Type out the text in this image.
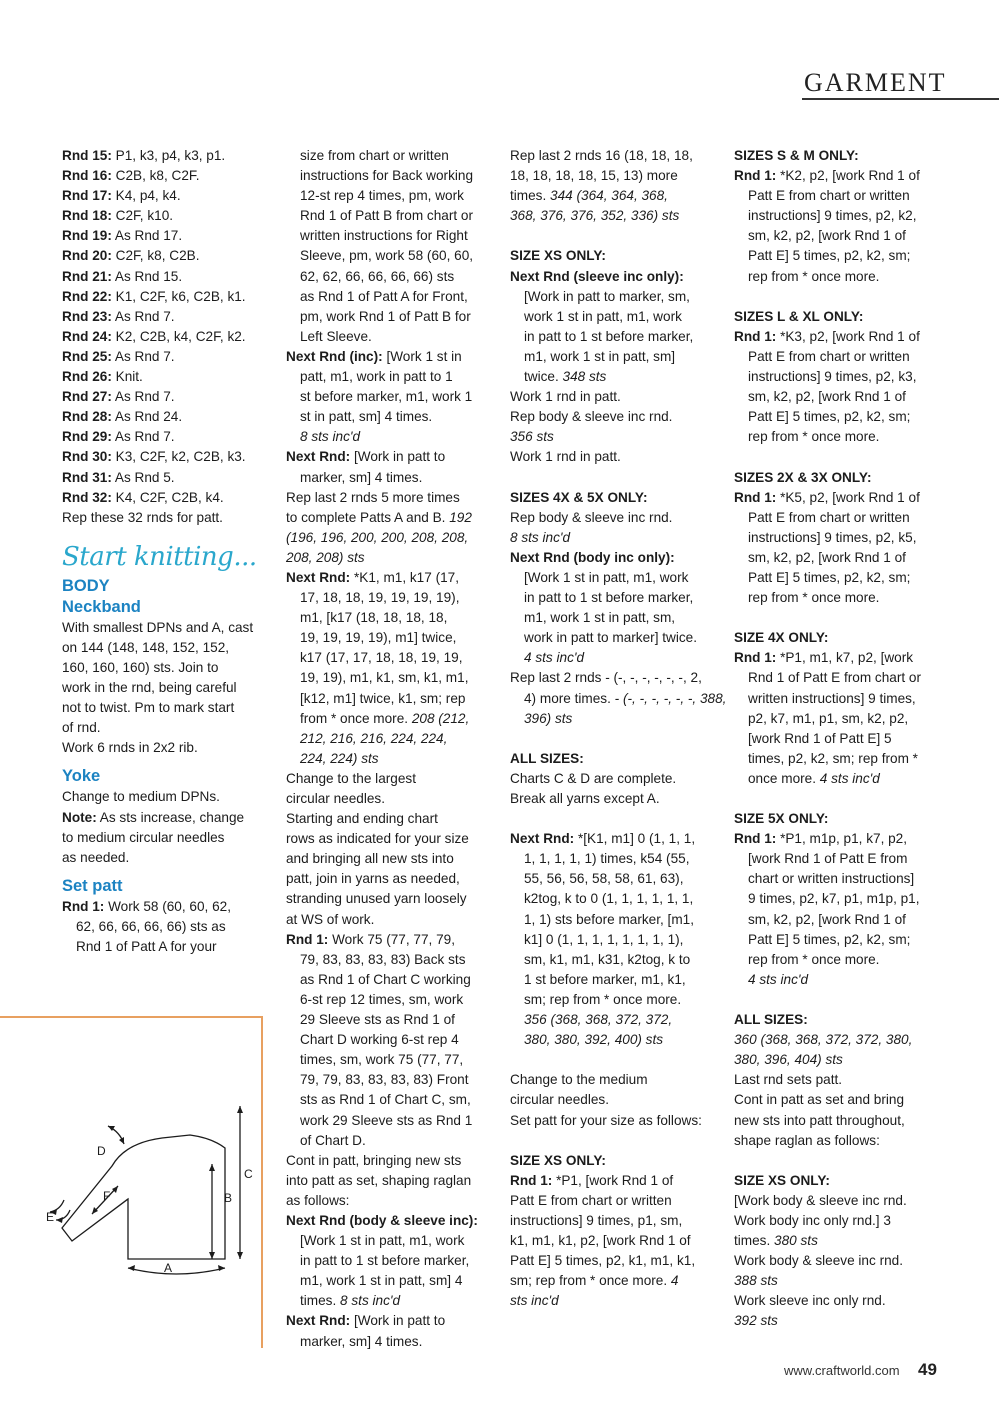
GARMENT
Rnd 15: P1, k3, p4, k3, p1.
Rnd 16: C2B, k8, C2F.
Rnd 17: K4, p4, k4.
Rnd 18: C2F, k10.
Rnd 19: As Rnd 17.
Rnd 20: C2F, k8, C2B.
Rnd 21: As Rnd 15.
Rnd 22: K1, C2F, k6, C2B, k1.
Rnd 23: As Rnd 7.
Rnd 24: K2, C2B, k4, C2F, k2.
Rnd 25: As Rnd 7.
Rnd 26: Knit.
Rnd 27: As Rnd 7.
Rnd 28: As Rnd 24.
Rnd 29: As Rnd 7.
Rnd 30: K3, C2F, k2, C2B, k3.
Rnd 31: As Rnd 5.
Rnd 32: K4, C2F, C2B, k4.
Rep these 32 rnds for patt.
Start knitting...
BODY
Neckband
With smallest DPNs and A, cast
on 144 (148, 148, 152, 152,
160, 160, 160) sts. Join to
work in the rnd, being careful
not to twist. Pm to mark start
of rnd.
Work 6 rnds in 2x2 rib.
Yoke
Change to medium DPNs.
Note: As sts increase, change
to medium circular needles
as needed.
Set patt
Rnd 1: Work 58 (60, 60, 62,
62, 66, 66, 66, 66) sts as
Rnd 1 of Patt A for your
size from chart or written
instructions for Back working
12-st rep 4 times, pm, work
Rnd 1 of Patt B from chart or
written instructions for Right
Sleeve, pm, work 58 (60, 60,
62, 62, 66, 66, 66, 66) sts
as Rnd 1 of Patt A for Front,
pm, work Rnd 1 of Patt B for
Left Sleeve.
Next Rnd (inc): [Work 1 st in
patt, m1, work in patt to 1
st before marker, m1, work 1
st in patt, sm] 4 times.
8 sts inc'd
Next Rnd: [Work in patt to
marker, sm] 4 times.
Rep last 2 rnds 5 more times
to complete Patts A and B. 192
(196, 196, 200, 200, 208, 208,
208, 208) sts
Next Rnd: *K1, m1, k17 (17,
17, 18, 18, 19, 19, 19, 19),
m1, [k17 (18, 18, 18, 18,
19, 19, 19, 19), m1] twice,
k17 (17, 17, 18, 18, 19, 19,
19, 19), m1, k1, sm, k1, m1,
[k12, m1] twice, k1, sm; rep
from * once more. 208 (212,
212, 216, 216, 224, 224,
224, 224) sts
Change to the largest
circular needles.
Starting and ending chart
rows as indicated for your size
and bringing all new sts into
patt, join in yarns as needed,
stranding unused yarn loosely
at WS of work.
Rnd 1: Work 75 (77, 77, 79,
79, 83, 83, 83, 83) Back sts
as Rnd 1 of Chart C working
6-st rep 12 times, sm, work
29 Sleeve sts as Rnd 1 of
Chart D working 6-st rep 4
times, sm, work 75 (77, 77,
79, 79, 83, 83, 83, 83) Front
sts as Rnd 1 of Chart C, sm,
work 29 Sleeve sts as Rnd 1
of Chart D.
Cont in patt, bringing new sts
into patt as set, shaping raglan
as follows:
Next Rnd (body & sleeve inc):
[Work 1 st in patt, m1, work
in patt to 1 st before marker,
m1, work 1 st in patt, sm] 4
times. 8 sts inc'd
Next Rnd: [Work in patt to
marker, sm] 4 times.
Rep last 2 rnds 16 (18, 18, 18,
18, 18, 18, 18, 15, 13) more
times. 344 (364, 364, 368,
368, 376, 376, 352, 336) sts
SIZE XS ONLY:
Next Rnd (sleeve inc only):
[Work in patt to marker, sm,
work 1 st in patt, m1, work
in patt to 1 st before marker,
m1, work 1 st in patt, sm]
twice. 348 sts
Work 1 rnd in patt.
Rep body & sleeve inc rnd.
356 sts
Work 1 rnd in patt.
SIZES 4X & 5X ONLY:
Rep body & sleeve inc rnd.
8 sts inc'd
Next Rnd (body inc only):
[Work 1 st in patt, m1, work
in patt to 1 st before marker,
m1, work 1 st in patt, sm,
work in patt to marker] twice.
4 sts inc'd
Rep last 2 rnds - (-, -, -, -, -, -, 2,
4) more times. - (-, -, -, -, -, -, 388,
396) sts
ALL SIZES:
Charts C & D are complete.
Break all yarns except A.
Next Rnd: *[K1, m1] 0 (1, 1, 1,
1, 1, 1, 1, 1) times, k54 (55,
55, 56, 56, 58, 58, 61, 63),
k2tog, k to 0 (1, 1, 1, 1, 1, 1,
1, 1) sts before marker, [m1,
k1] 0 (1, 1, 1, 1, 1, 1, 1, 1),
sm, k1, m1, k31, k2tog, k to
1 st before marker, m1, k1,
sm; rep from * once more.
356 (368, 368, 372, 372,
380, 380, 392, 400) sts
Change to the medium
circular needles.
Set patt for your size as follows:
SIZE XS ONLY:
Rnd 1: *P1, [work Rnd 1 of
Patt E from chart or written
instructions] 9 times, p1, sm,
k1, m1, k1, p2, [work Rnd 1 of
Patt E] 5 times, p2, k1, m1, k1,
sm; rep from * once more. 4
sts inc'd
SIZES S & M ONLY:
Rnd 1: *K2, p2, [work Rnd 1 of
Patt E from chart or written
instructions] 9 times, p2, k2,
sm, k2, p2, [work Rnd 1 of
Patt E] 5 times, p2, k2, sm;
rep from * once more.
SIZES L & XL ONLY:
Rnd 1: *K3, p2, [work Rnd 1 of
Patt E from chart or written
instructions] 9 times, p2, k3,
sm, k2, p2, [work Rnd 1 of
Patt E] 5 times, p2, k2, sm;
rep from * once more.
SIZES 2X & 3X ONLY:
Rnd 1: *K5, p2, [work Rnd 1 of
Patt E from chart or written
instructions] 9 times, p2, k5,
sm, k2, p2, [work Rnd 1 of
Patt E] 5 times, p2, k2, sm;
rep from * once more.
SIZE 4X ONLY:
Rnd 1: *P1, m1, k7, p2, [work
Rnd 1 of Patt E from chart or
written instructions] 9 times,
p2, k7, m1, p1, sm, k2, p2,
[work Rnd 1 of Patt E] 5
times, p2, k2, sm; rep from *
once more. 4 sts inc'd
SIZE 5X ONLY:
Rnd 1: *P1, m1p, p1, k7, p2,
[work Rnd 1 of Patt E from
chart or written instructions]
9 times, p2, k7, p1, m1p, p1,
sm, k2, p2, [work Rnd 1 of
Patt E] 5 times, p2, k2, sm;
rep from * once more.
4 sts inc'd
ALL SIZES:
360 (368, 368, 372, 372, 380,
380, 396, 404) sts
Last rnd sets patt.
Cont in patt as set and bring
new sts into patt throughout,
shape raglan as follows:
SIZE XS ONLY:
[Work body & sleeve inc rnd.
Work body inc only rnd.] 3
times. 380 sts
Work body & sleeve inc rnd.
388 sts
Work sleeve inc only rnd.
392 sts
A
B
C
D
E
F
www.craftworld.com 49
